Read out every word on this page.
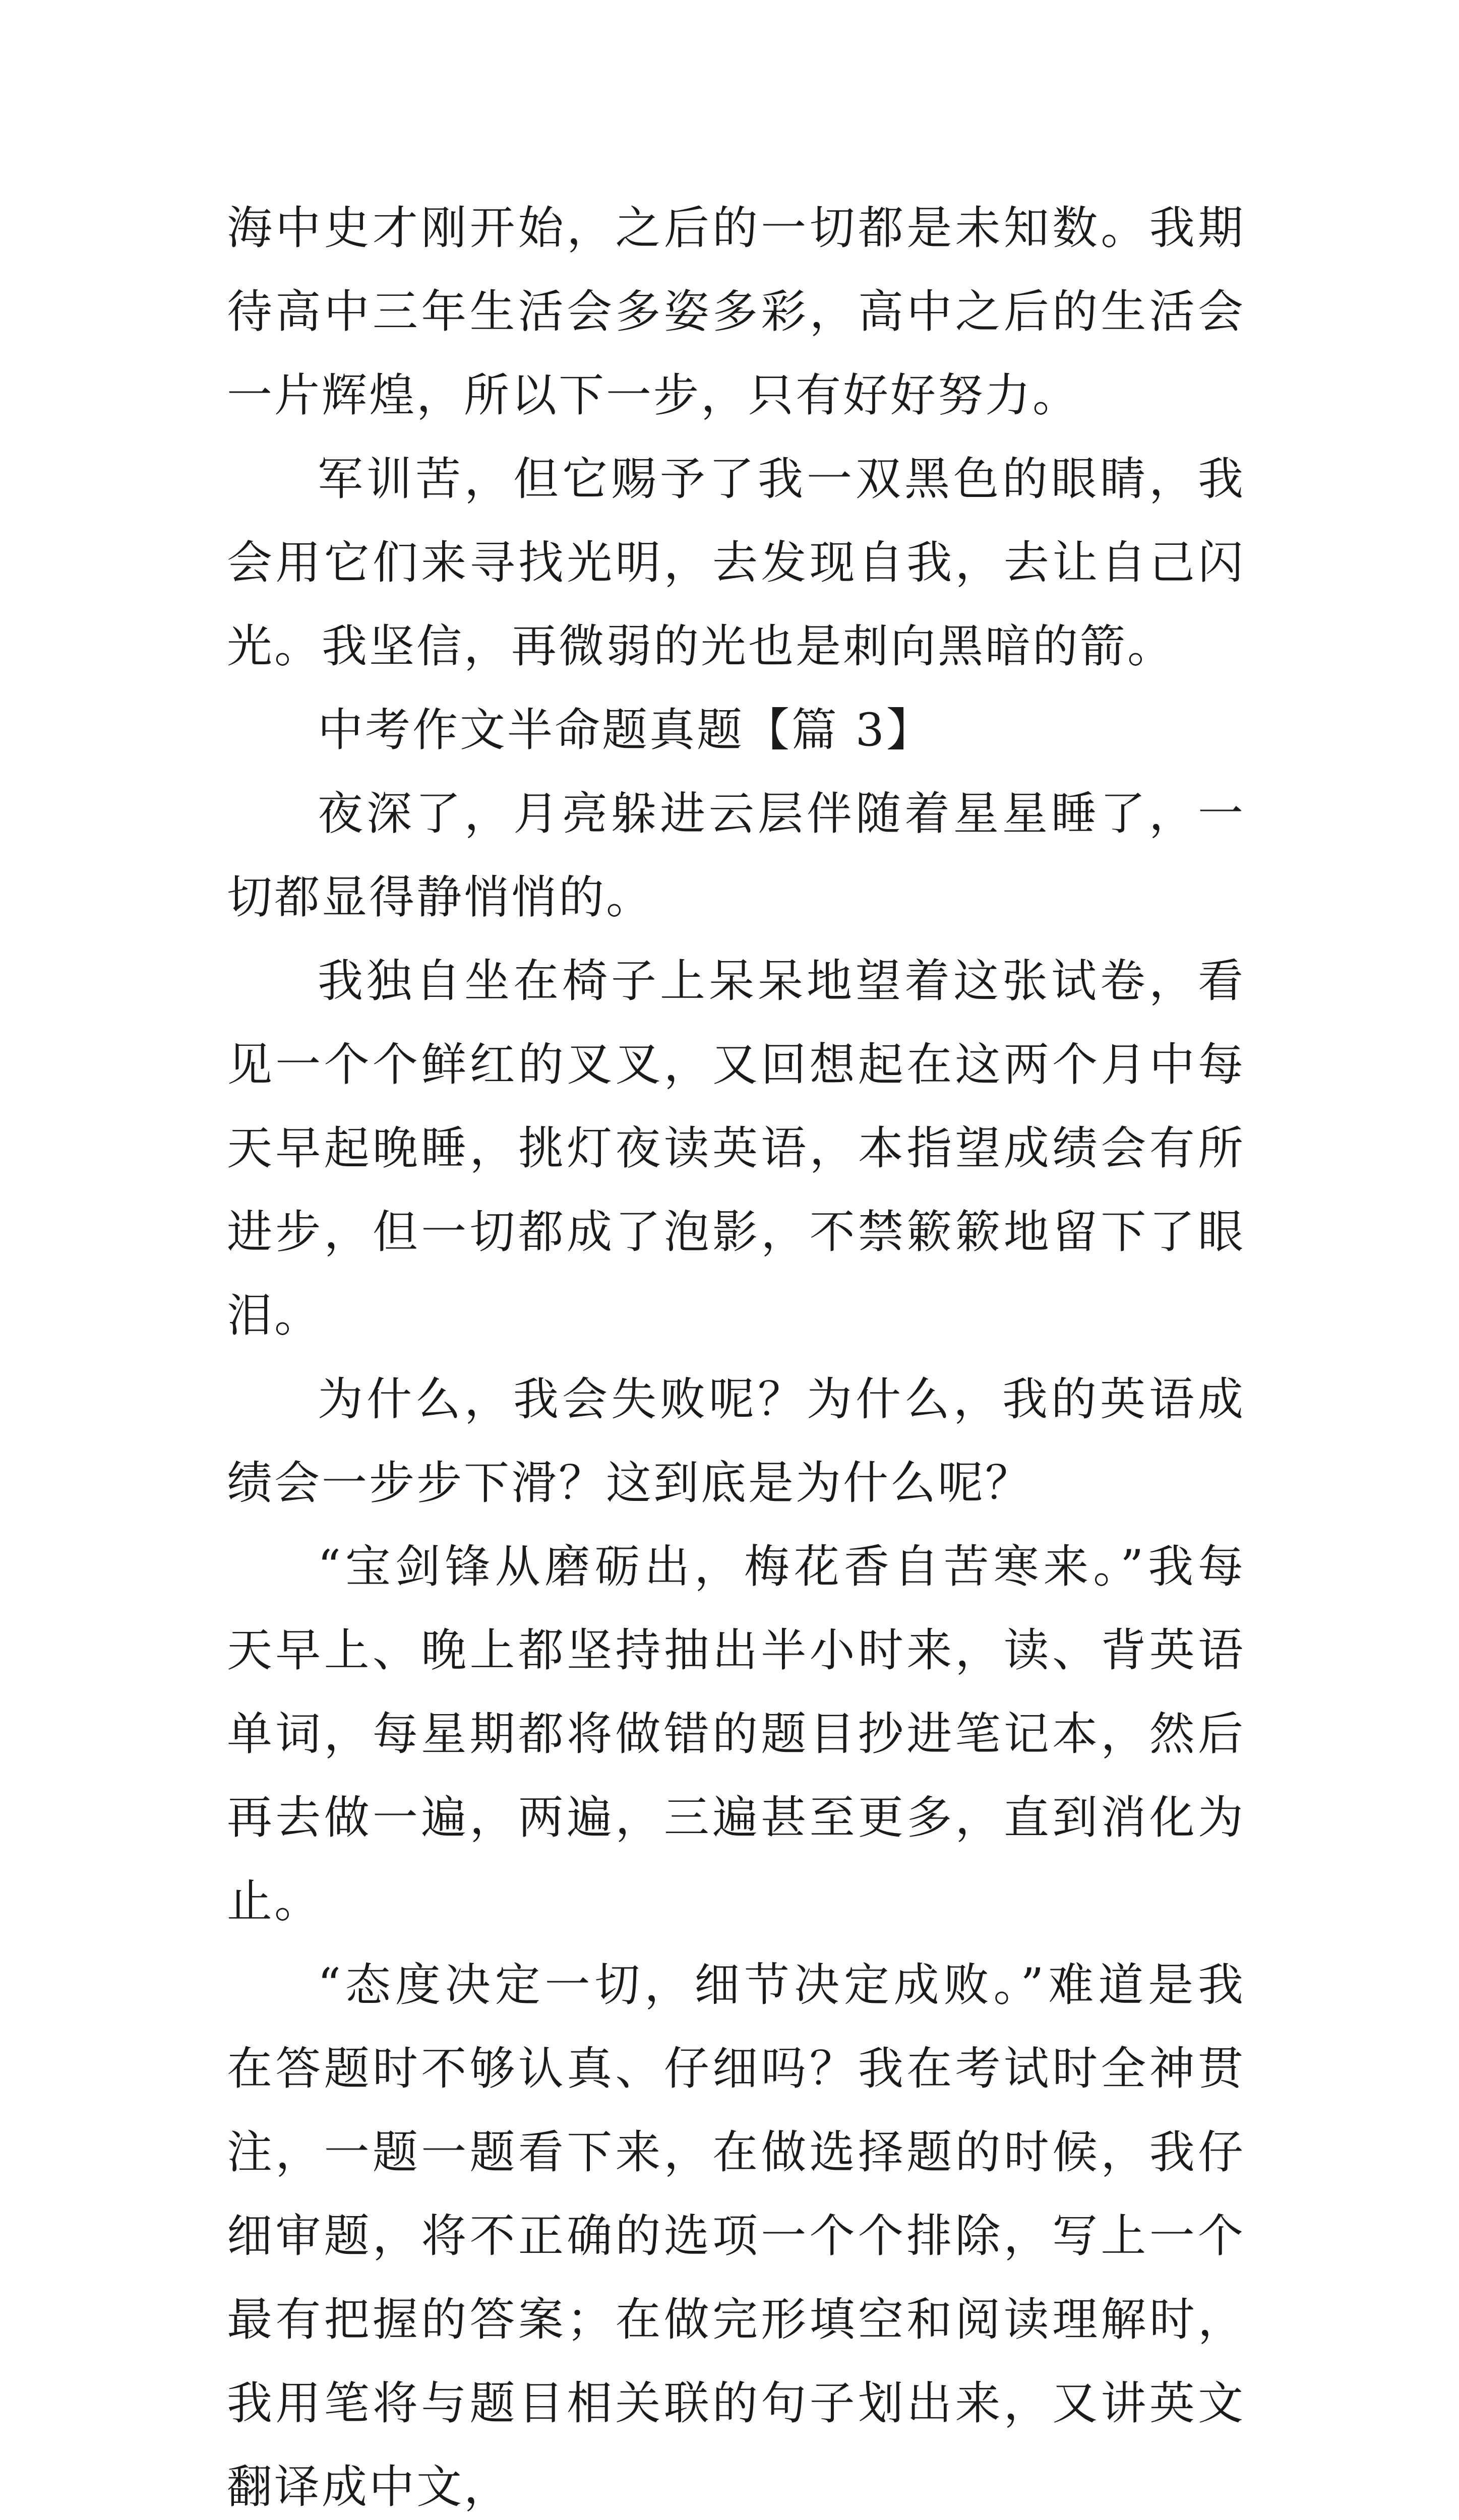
海中史才刚开始，之后的一切都是未知数。我期待高中三年生活会多姿多彩，高中之后的生活会一片辉煌，所以下一步，只有好好努力。

军训苦，但它赐予了我一双黑色的眼睛，我会用它们来寻找光明，去发现自我，去让自己闪光。我坚信，再微弱的光也是刺向黑暗的箭。

中考作文半命题真题【篇 3】

夜深了，月亮躲进云层伴随着星星睡了，一切都显得静悄悄的。

我独自坐在椅子上呆呆地望着这张试卷，看见一个个鲜红的叉叉，又回想起在这两个月中每天早起晚睡，挑灯夜读英语，本指望成绩会有所进步，但一切都成了泡影，不禁簌簌地留下了眼泪。

为什么，我会失败呢？为什么，我的英语成绩会一步步下滑？这到底是为什么呢？

“宝剑锋从磨砺出，梅花香自苦寒来。”我每天早上、晚上都坚持抽出半小时来，读、背英语单词，每星期都将做错的题目抄进笔记本，然后再去做一遍，两遍，三遍甚至更多，直到消化为止。

“态度决定一切，细节决定成败。”难道是我在答题时不够认真、仔细吗？我在考试时全神贯注，一题一题看下来，在做选择题的时候，我仔细审题，将不正确的选项一个个排除，写上一个最有把握的答案；在做完形填空和阅读理解时，我用笔将与题目相关联的句子划出来，又讲英文翻译成中文，
